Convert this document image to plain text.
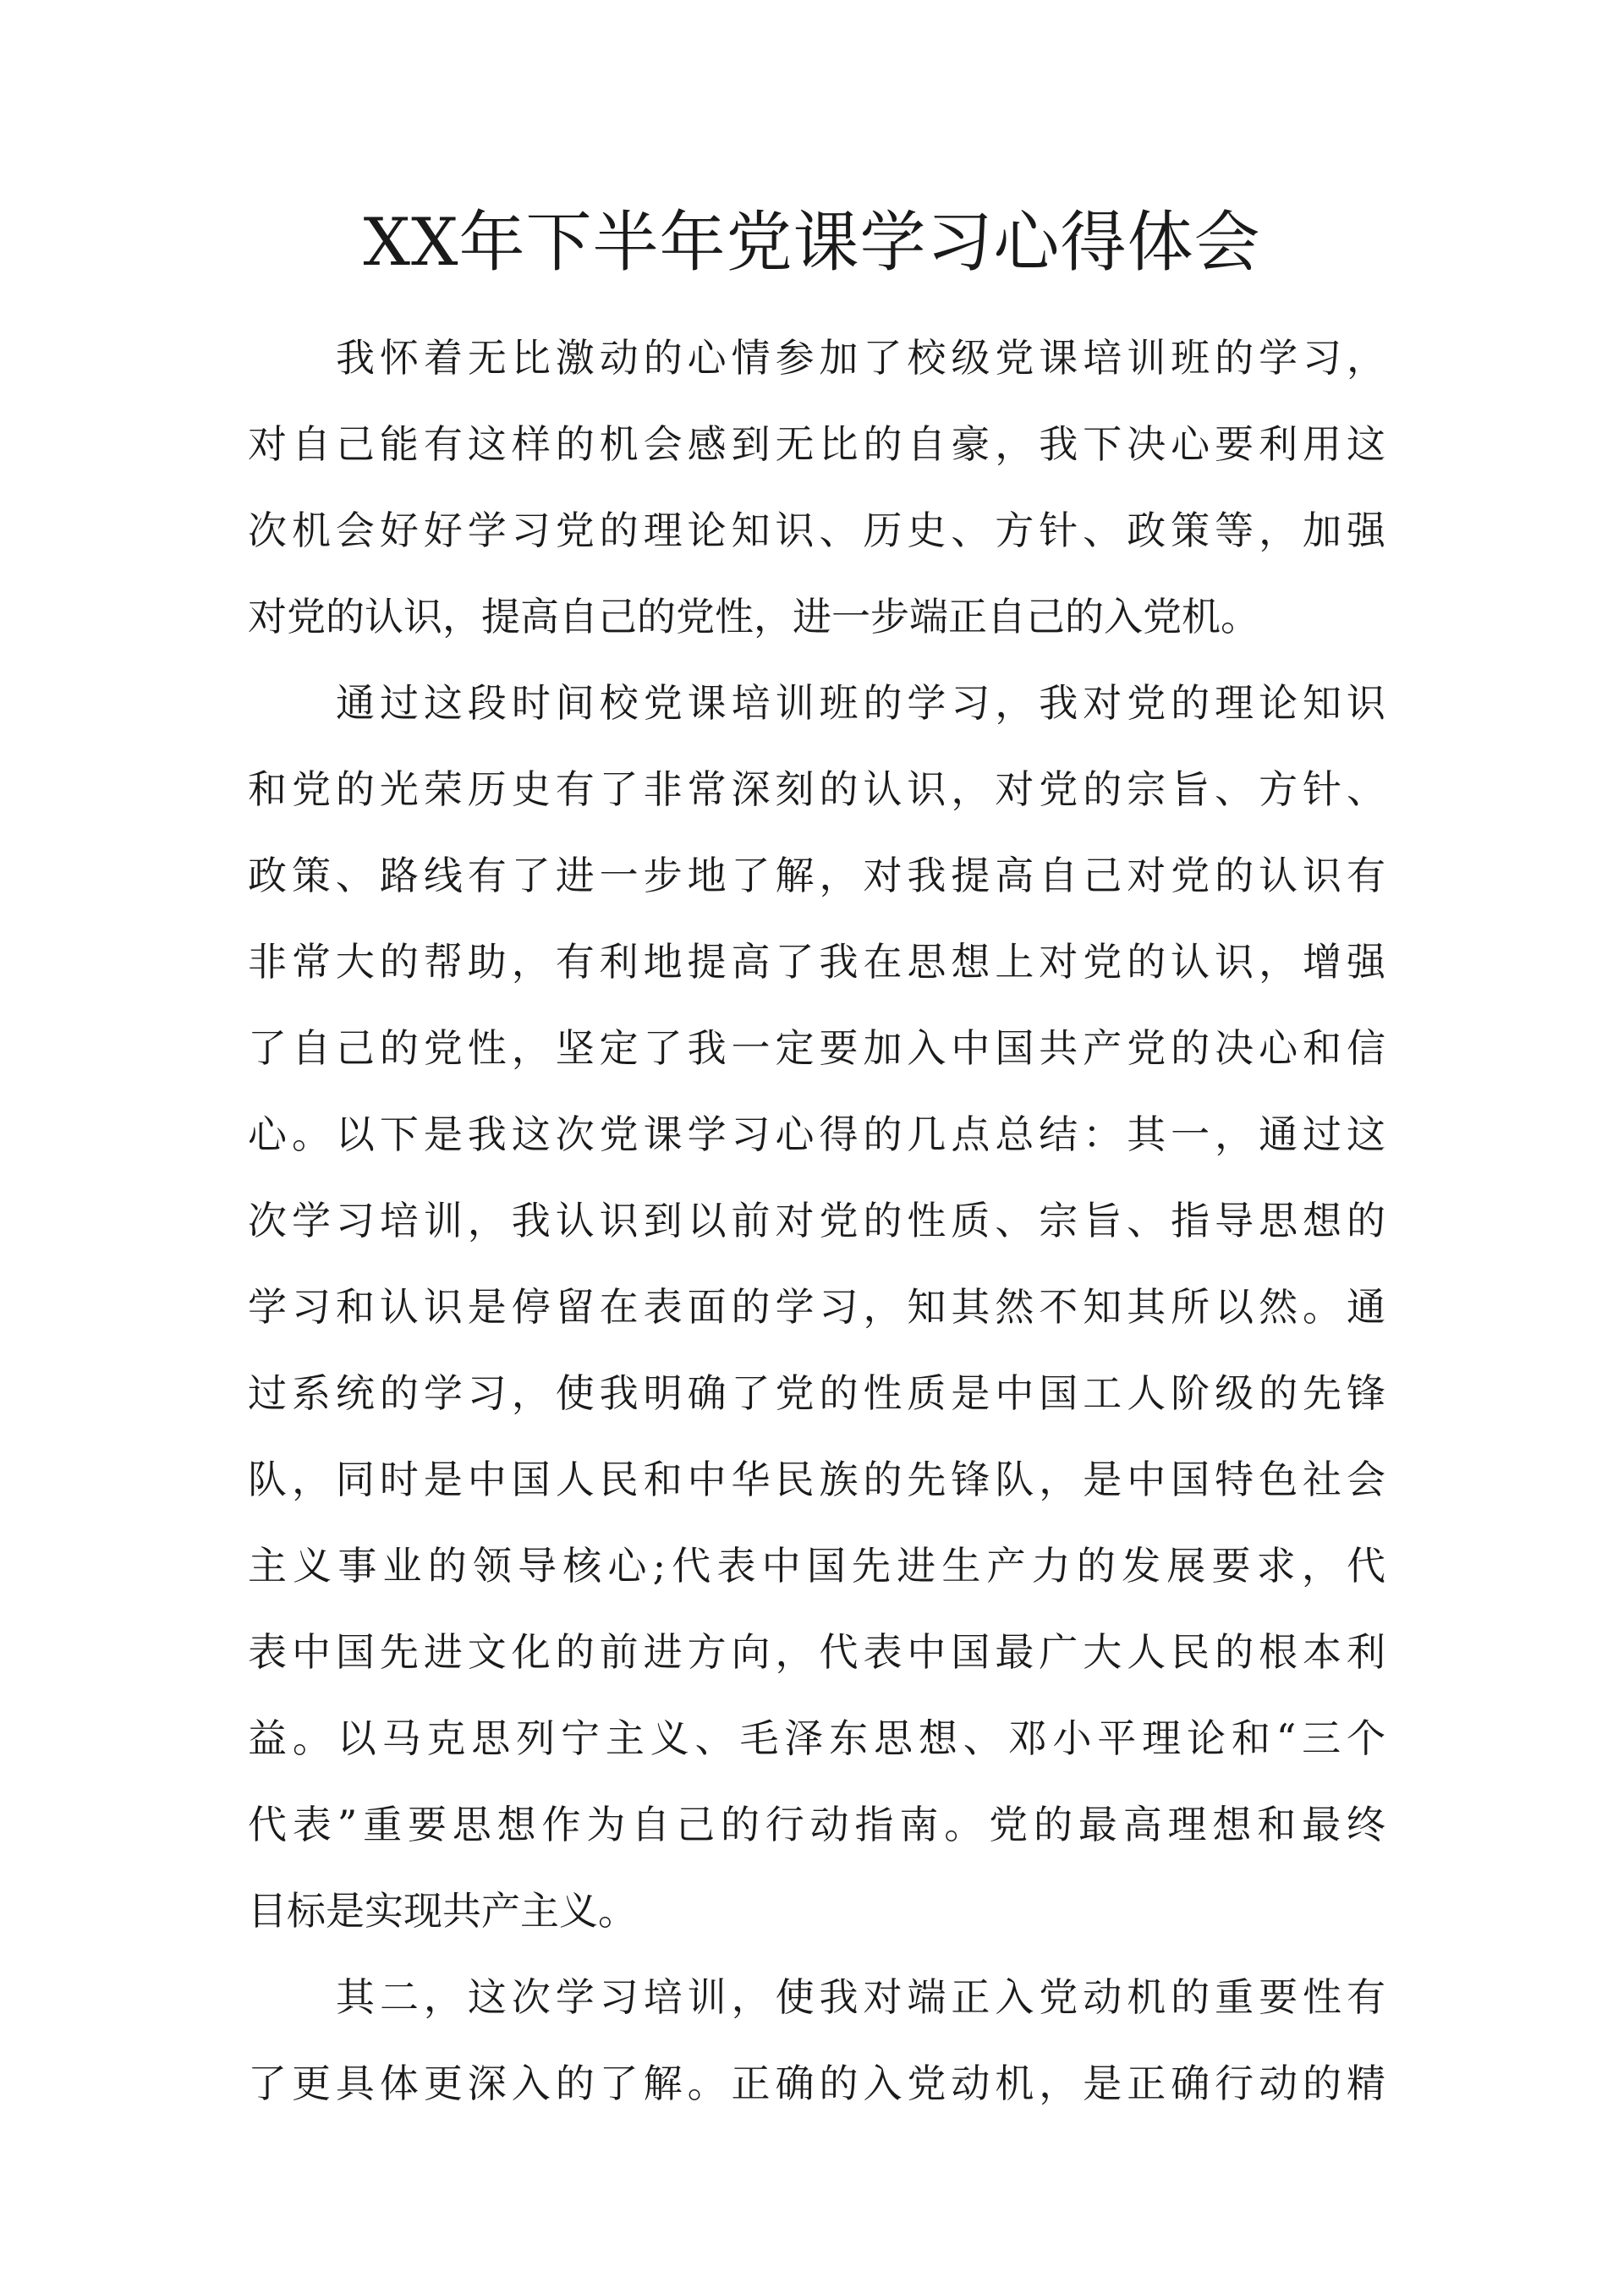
XX年下半年党课学习心得体会

我怀着无比激动的心情参加了校级党课培训班的学习，

对自己能有这样的机会感到无比的自豪，我下决心要利用这

次机会好好学习党的理论知识、历史、方针、政策等，加强

对党的认识，提高自己的党性，进一步端正自己的入党机。

通过这段时间校党课培训班的学习，我对党的理论知识

和党的光荣历史有了非常深刻的认识，对党的宗旨、方针、

政策、路线有了进一步地了解，对我提高自己对党的认识有

非常大的帮助，有利地提高了我在思想上对党的认识，增强

了自己的党性，坚定了我一定要加入中国共产党的决心和信

心。以下是我这次党课学习心得的几点总结：其一，通过这

次学习培训，我认识到以前对党的性质、宗旨、指导思想的

学习和认识是停留在表面的学习，知其然不知其所以然。通

过系统的学习，使我明确了党的性质是中国工人阶级的先锋

队，同时是中国人民和中华民族的先锋队，是中国特色社会

主义事业的领导核心;代表中国先进生产力的发展要求，代

表中国先进文化的前进方向，代表中国最广大人民的根本利

益。以马克思列宁主义、毛泽东思想、邓小平理论和“三个

代表”重要思想作为自己的行动指南。党的最高理想和最终

目标是实现共产主义。

其二，这次学习培训，使我对端正入党动机的重要性有

了更具体更深入的了解。正确的入党动机，是正确行动的精
